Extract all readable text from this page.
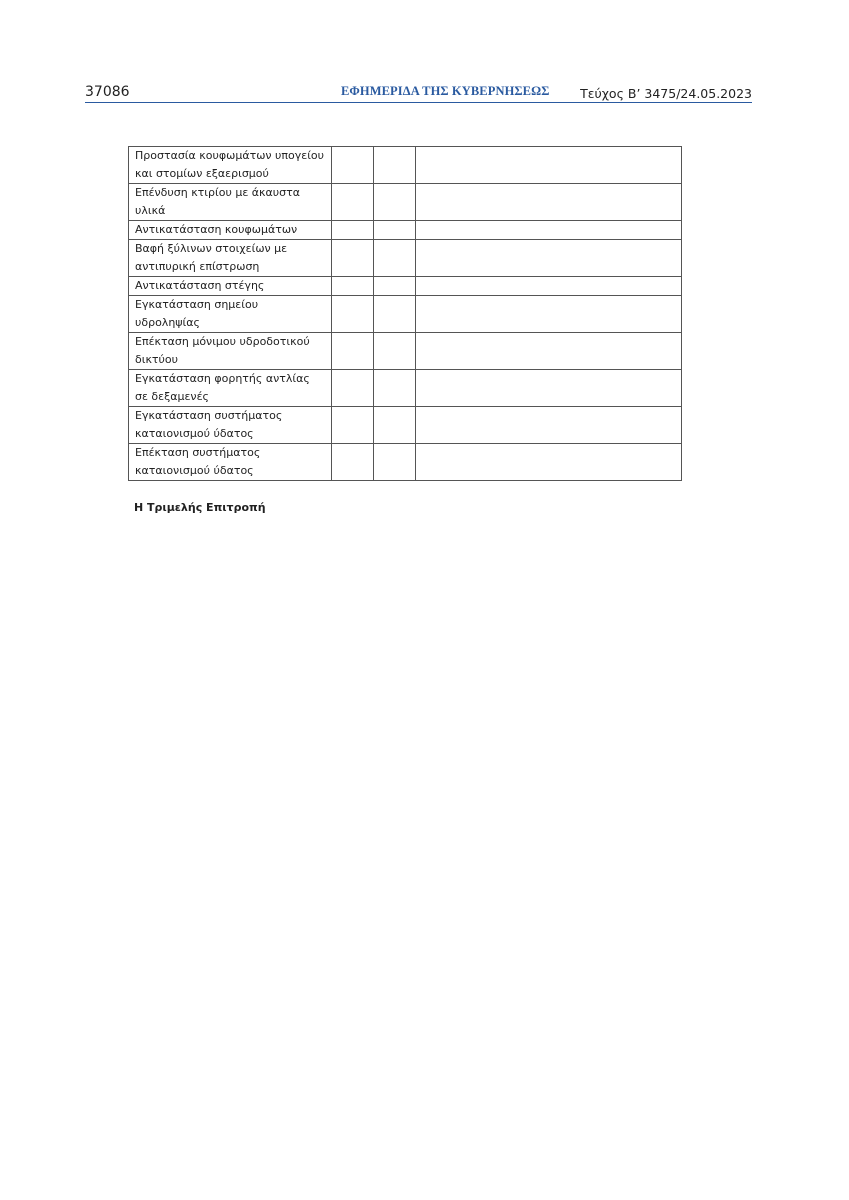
37086	ΕΦΗΜΕΡΙΔΑ ΤΗΣ ΚΥΒΕΡΝΗΣΕΩΣ Τεύχος B’ 3475/24.05.2023
Προστασία κουφωμάτων υπογείου και στομίων εξαερισμού			
Επένδυση κτιρίου με άκαυστα υλικά			
Αντικατάσταση κουφωμάτων			
Βαφή ξύλινων στοιχείων με αντιπυρική επίστρωση			
Αντικατάσταση στέγης			
Εγκατάσταση σημείου υδροληψίας			
Επέκταση μόνιμου υδροδοτικού δικτύου			
Εγκατάσταση φορητής αντλίας σε δεξαμενές			
Εγκατάσταση συστήματος καταιονισμού ύδατος			
Επέκταση συστήματος καταιονισμού ύδατος			
Η Τριμελής Επιτροπή
